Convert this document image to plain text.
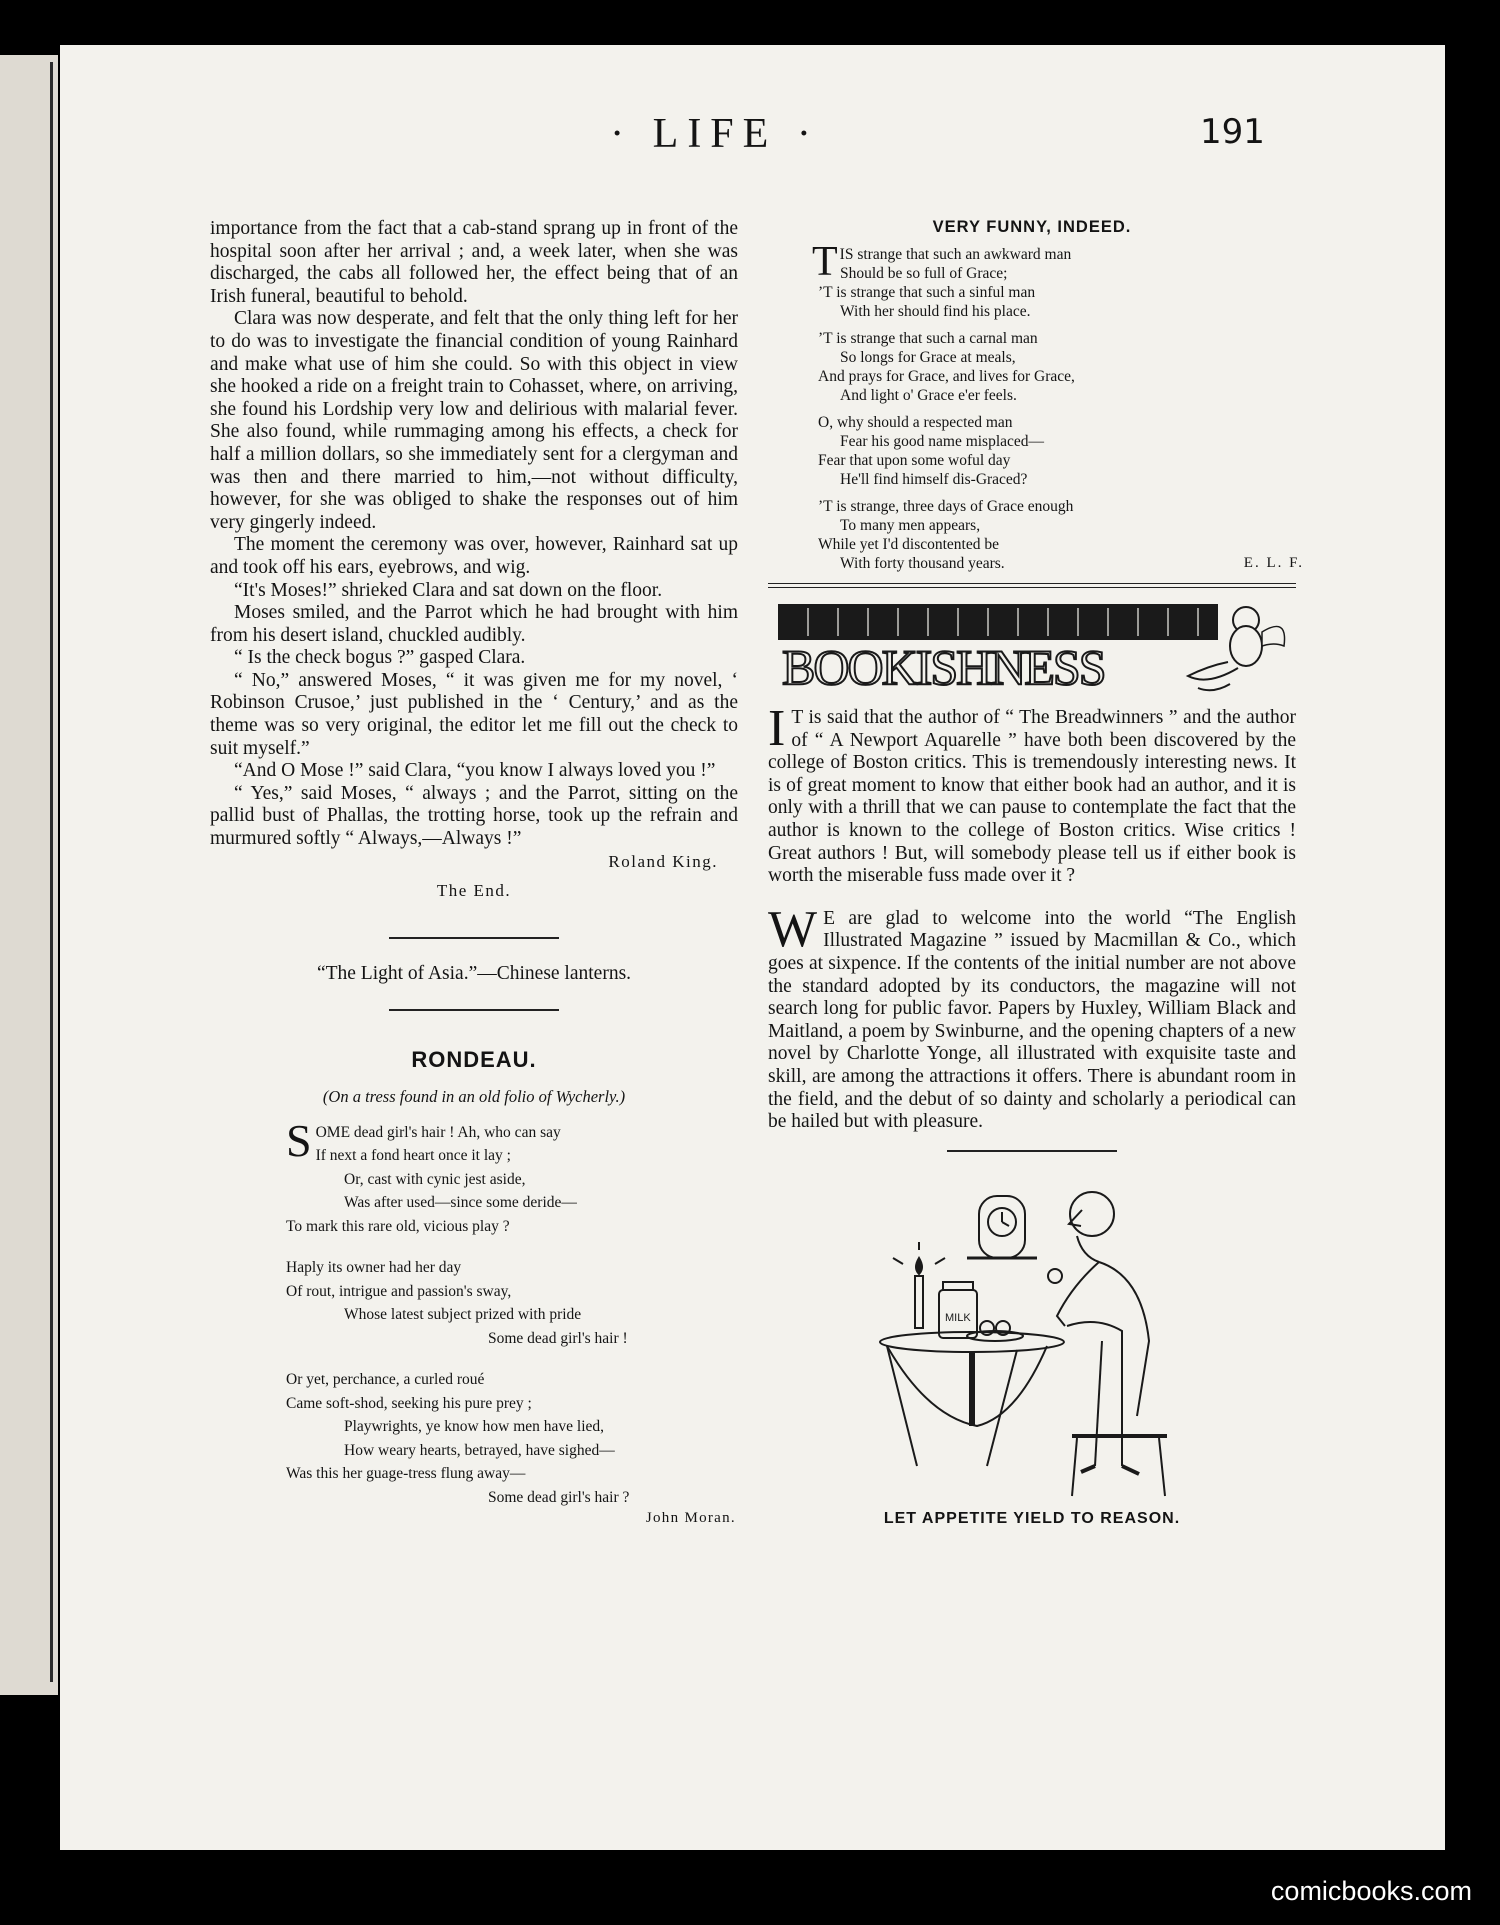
· LIFE ·	191

importance from the fact that a cab-stand sprang up in front of the hospital soon after her arrival ; and, a week later, when she was discharged, the cabs all followed her, the effect being that of an Irish funeral, beautiful to behold.

Clara was now desperate, and felt that the only thing left for her to do was to investigate the financial condition of young Rainhard and make what use of him she could. So with this object in view she hooked a ride on a freight train to Cohasset, where, on arriving, she found his Lordship very low and delirious with malarial fever. She also found, while rummaging among his effects, a check for half a million dollars, so she immediately sent for a clergyman and was then and there married to him,—not without difficulty, however, for she was obliged to shake the responses out of him very gingerly indeed.

The moment the ceremony was over, however, Rainhard sat up and took off his ears, eyebrows, and wig.

“It's Moses!” shrieked Clara and sat down on the floor.

Moses smiled, and the Parrot which he had brought with him from his desert island, chuckled audibly.

“ Is the check bogus ?” gasped Clara.

“ No,” answered Moses, “ it was given me for my novel, ‘ Robinson Crusoe,’ just published in the ‘ Century,’ and as the theme was so very original, the editor let me fill out the check to suit myself.”

“And O Mose !” said Clara, “you know I always loved you !”

“ Yes,” said Moses, “ always ; and the Parrot, sitting on the pallid bust of Phallas, the trotting horse, took up the refrain and murmured softly “ Always,—Always !”

Roland King.
The End.
“The Light of Asia.”—Chinese lanterns.
RONDEAU.
(On a tress found in an old folio of Wycherly.)
SOME dead girl's hair ! Ah, who can say
If next a fond heart once it lay ;
Or, cast with cynic jest aside,
Was after used—since some deride—
To mark this rare old, vicious play ?
Haply its owner had her day
Of rout, intrigue and passion's sway,
Whose latest subject prized with pride
Some dead girl's hair !
Or yet, perchance, a curled roué
Came soft-shod, seeking his pure prey ;
Playwrights, ye know how men have lied,
How weary hearts, betrayed, have sighed—
Was this her guage-tress flung away—
Some dead girl's hair ?
John Moran.
VERY FUNNY, INDEED.
TIS strange that such an awkward man
Should be so full of Grace;
’T is strange that such a sinful man
With her should find his place.
’T is strange that such a carnal man
So longs for Grace at meals,
And prays for Grace, and lives for Grace,
And light o' Grace e'er feels.
O, why should a respected man
Fear his good name misplaced—
Fear that upon some woful day
He'll find himself dis-Graced?
’T is strange, three days of Grace enough
To many men appears,
While yet I'd discontented be
With forty thousand years.	E. L. F.
BOOKISHNESS

I T is said that the author of “ The Breadwinners ” and the author of “ A Newport Aquarelle ” have both been discovered by the college of Boston critics. This is tremendously interesting news. It is of great moment to know that either book had an author, and it is only with a thrill that we can pause to contemplate the fact that the author is known to the college of Boston critics. Wise critics ! Great authors ! But, will somebody please tell us if either book is worth the miserable fuss made over it ?

W E are glad to welcome into the world “The English Illustrated Magazine ” issued by Macmillan & Co., which goes at sixpence. If the contents of the initial number are not above the standard adopted by its conductors, the magazine will not search long for public favor. Papers by Huxley, William Black and Maitland, a poem by Swinburne, and the opening chapters of a new novel by Charlotte Yonge, all illustrated with exquisite taste and skill, are among the attractions it offers. There is abundant room in the field, and the debut of so dainty and scholarly a periodical can be hailed but with pleasure.

MILK
LET APPETITE YIELD TO REASON.
comicbooks.com
